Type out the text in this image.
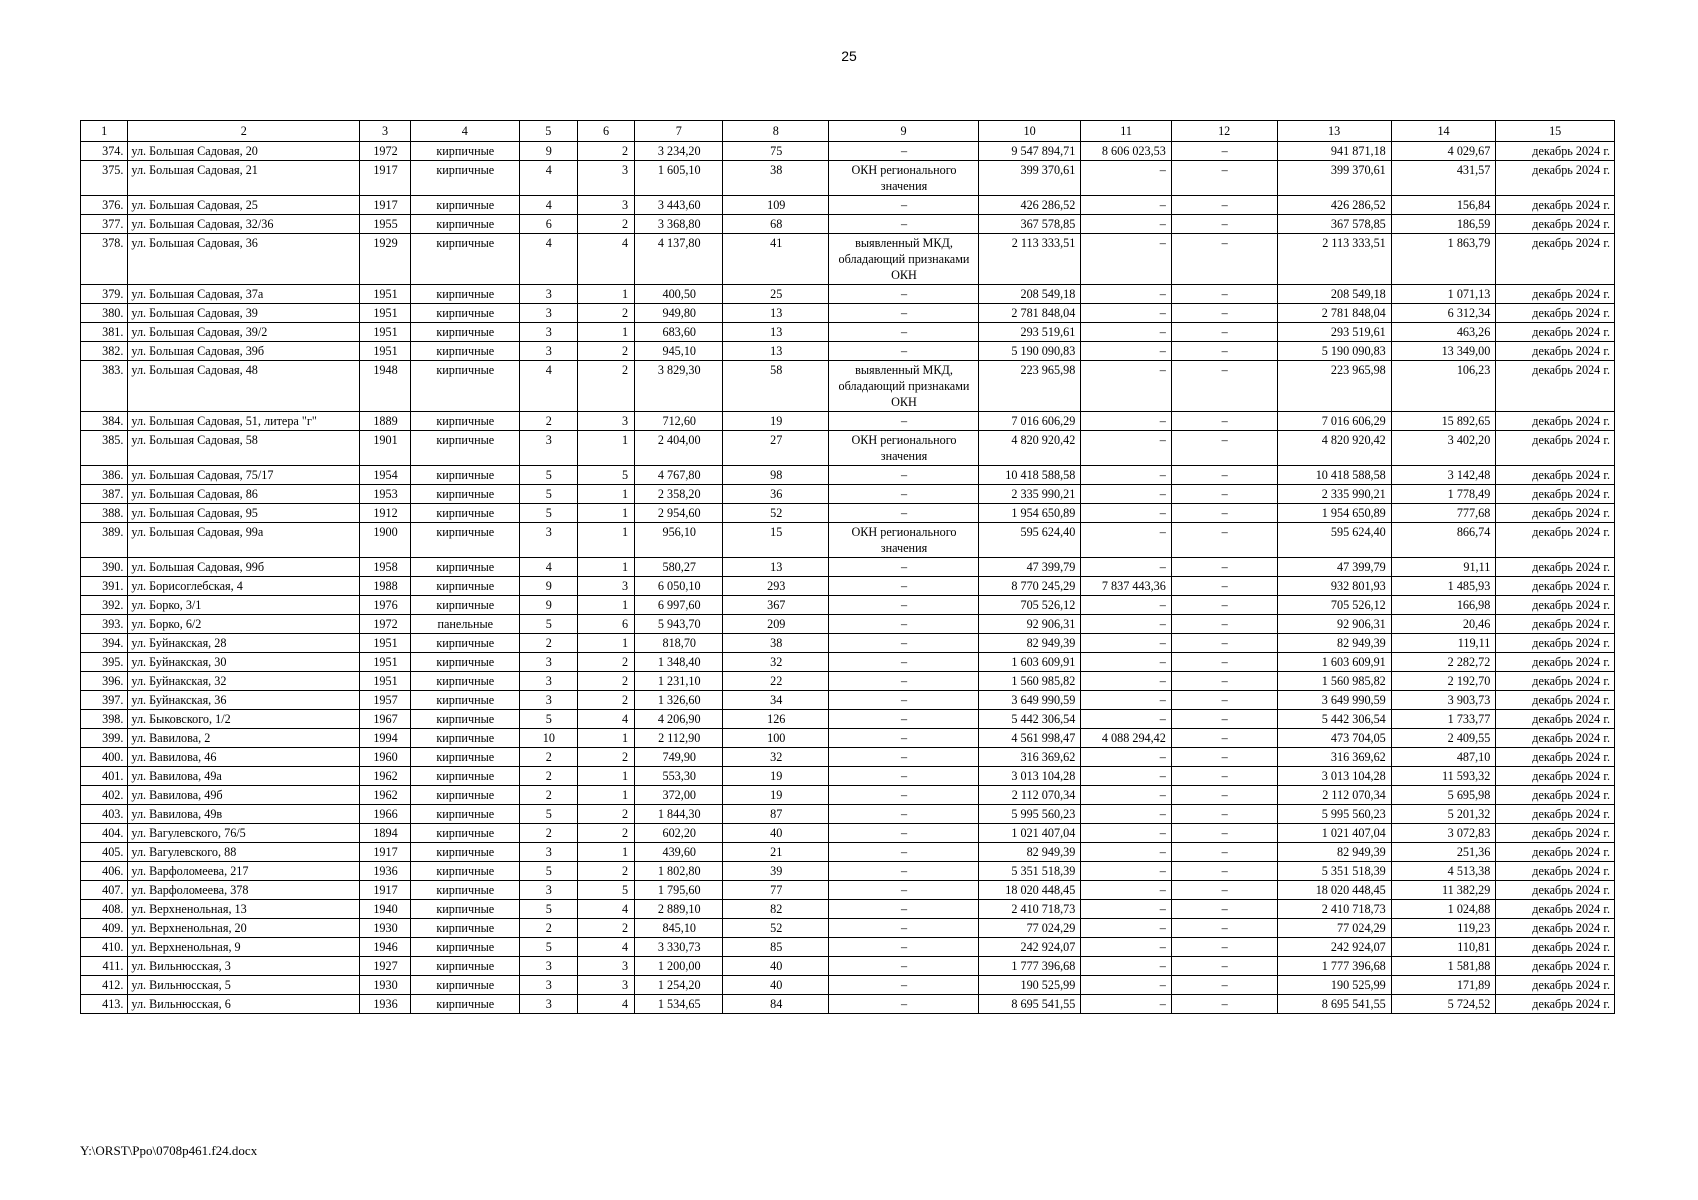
25
1	2	3	4	5	6	7	8	9	10	11	12	13	14	15
374.	ул. Большая Садовая, 20	1972	кирпичные	9	2	3 234,20	75	–	9 547 894,71	8 606 023,53	–	941 871,18	4 029,67	декабрь 2024 г.
375.	ул. Большая Садовая, 21	1917	кирпичные	4	3	1 605,10	38	ОКН регионального значения	399 370,61	–	–	399 370,61	431,57	декабрь 2024 г.
376.	ул. Большая Садовая, 25	1917	кирпичные	4	3	3 443,60	109	–	426 286,52	–	–	426 286,52	156,84	декабрь 2024 г.
377.	ул. Большая Садовая, 32/36	1955	кирпичные	6	2	3 368,80	68	–	367 578,85	–	–	367 578,85	186,59	декабрь 2024 г.
378.	ул. Большая Садовая, 36	1929	кирпичные	4	4	4 137,80	41	выявленный МКД, обладающий признаками ОКН	2 113 333,51	–	–	2 113 333,51	1 863,79	декабрь 2024 г.
379.	ул. Большая Садовая, 37а	1951	кирпичные	3	1	400,50	25	–	208 549,18	–	–	208 549,18	1 071,13	декабрь 2024 г.
380.	ул. Большая Садовая, 39	1951	кирпичные	3	2	949,80	13	–	2 781 848,04	–	–	2 781 848,04	6 312,34	декабрь 2024 г.
381.	ул. Большая Садовая, 39/2	1951	кирпичные	3	1	683,60	13	–	293 519,61	–	–	293 519,61	463,26	декабрь 2024 г.
382.	ул. Большая Садовая, 39б	1951	кирпичные	3	2	945,10	13	–	5 190 090,83	–	–	5 190 090,83	13 349,00	декабрь 2024 г.
383.	ул. Большая Садовая, 48	1948	кирпичные	4	2	3 829,30	58	выявленный МКД, обладающий признаками ОКН	223 965,98	–	–	223 965,98	106,23	декабрь 2024 г.
384.	ул. Большая Садовая, 51, литера "г"	1889	кирпичные	2	3	712,60	19	–	7 016 606,29	–	–	7 016 606,29	15 892,65	декабрь 2024 г.
385.	ул. Большая Садовая, 58	1901	кирпичные	3	1	2 404,00	27	ОКН регионального значения	4 820 920,42	–	–	4 820 920,42	3 402,20	декабрь 2024 г.
386.	ул. Большая Садовая, 75/17	1954	кирпичные	5	5	4 767,80	98	–	10 418 588,58	–	–	10 418 588,58	3 142,48	декабрь 2024 г.
387.	ул. Большая Садовая, 86	1953	кирпичные	5	1	2 358,20	36	–	2 335 990,21	–	–	2 335 990,21	1 778,49	декабрь 2024 г.
388.	ул. Большая Садовая, 95	1912	кирпичные	5	1	2 954,60	52	–	1 954 650,89	–	–	1 954 650,89	777,68	декабрь 2024 г.
389.	ул. Большая Садовая, 99а	1900	кирпичные	3	1	956,10	15	ОКН регионального значения	595 624,40	–	–	595 624,40	866,74	декабрь 2024 г.
390.	ул. Большая Садовая, 99б	1958	кирпичные	4	1	580,27	13	–	47 399,79	–	–	47 399,79	91,11	декабрь 2024 г.
391.	ул. Борисоглебская, 4	1988	кирпичные	9	3	6 050,10	293	–	8 770 245,29	7 837 443,36	–	932 801,93	1 485,93	декабрь 2024 г.
392.	ул. Борко, 3/1	1976	кирпичные	9	1	6 997,60	367	–	705 526,12	–	–	705 526,12	166,98	декабрь 2024 г.
393.	ул. Борко, 6/2	1972	панельные	5	6	5 943,70	209	–	92 906,31	–	–	92 906,31	20,46	декабрь 2024 г.
394.	ул. Буйнакская, 28	1951	кирпичные	2	1	818,70	38	–	82 949,39	–	–	82 949,39	119,11	декабрь 2024 г.
395.	ул. Буйнакская, 30	1951	кирпичные	3	2	1 348,40	32	–	1 603 609,91	–	–	1 603 609,91	2 282,72	декабрь 2024 г.
396.	ул. Буйнакская, 32	1951	кирпичные	3	2	1 231,10	22	–	1 560 985,82	–	–	1 560 985,82	2 192,70	декабрь 2024 г.
397.	ул. Буйнакская, 36	1957	кирпичные	3	2	1 326,60	34	–	3 649 990,59	–	–	3 649 990,59	3 903,73	декабрь 2024 г.
398.	ул. Быковского, 1/2	1967	кирпичные	5	4	4 206,90	126	–	5 442 306,54	–	–	5 442 306,54	1 733,77	декабрь 2024 г.
399.	ул. Вавилова, 2	1994	кирпичные	10	1	2 112,90	100	–	4 561 998,47	4 088 294,42	–	473 704,05	2 409,55	декабрь 2024 г.
400.	ул. Вавилова, 46	1960	кирпичные	2	2	749,90	32	–	316 369,62	–	–	316 369,62	487,10	декабрь 2024 г.
401.	ул. Вавилова, 49а	1962	кирпичные	2	1	553,30	19	–	3 013 104,28	–	–	3 013 104,28	11 593,32	декабрь 2024 г.
402.	ул. Вавилова, 49б	1962	кирпичные	2	1	372,00	19	–	2 112 070,34	–	–	2 112 070,34	5 695,98	декабрь 2024 г.
403.	ул. Вавилова, 49в	1966	кирпичные	5	2	1 844,30	87	–	5 995 560,23	–	–	5 995 560,23	5 201,32	декабрь 2024 г.
404.	ул. Вагулевского, 76/5	1894	кирпичные	2	2	602,20	40	–	1 021 407,04	–	–	1 021 407,04	3 072,83	декабрь 2024 г.
405.	ул. Вагулевского, 88	1917	кирпичные	3	1	439,60	21	–	82 949,39	–	–	82 949,39	251,36	декабрь 2024 г.
406.	ул. Варфоломеева, 217	1936	кирпичные	5	2	1 802,80	39	–	5 351 518,39	–	–	5 351 518,39	4 513,38	декабрь 2024 г.
407.	ул. Варфоломеева, 378	1917	кирпичные	3	5	1 795,60	77	–	18 020 448,45	–	–	18 020 448,45	11 382,29	декабрь 2024 г.
408.	ул. Верхненольная, 13	1940	кирпичные	5	4	2 889,10	82	–	2 410 718,73	–	–	2 410 718,73	1 024,88	декабрь 2024 г.
409.	ул. Верхненольная, 20	1930	кирпичные	2	2	845,10	52	–	77 024,29	–	–	77 024,29	119,23	декабрь 2024 г.
410.	ул. Верхненольная, 9	1946	кирпичные	5	4	3 330,73	85	–	242 924,07	–	–	242 924,07	110,81	декабрь 2024 г.
411.	ул. Вильнюсская, 3	1927	кирпичные	3	3	1 200,00	40	–	1 777 396,68	–	–	1 777 396,68	1 581,88	декабрь 2024 г.
412.	ул. Вильнюсская, 5	1930	кирпичные	3	3	1 254,20	40	–	190 525,99	–	–	190 525,99	171,89	декабрь 2024 г.
413.	ул. Вильнюсская, 6	1936	кирпичные	3	4	1 534,65	84	–	8 695 541,55	–	–	8 695 541,55	5 724,52	декабрь 2024 г.
Y:\ORST\Ppo\0708p461.f24.docx
